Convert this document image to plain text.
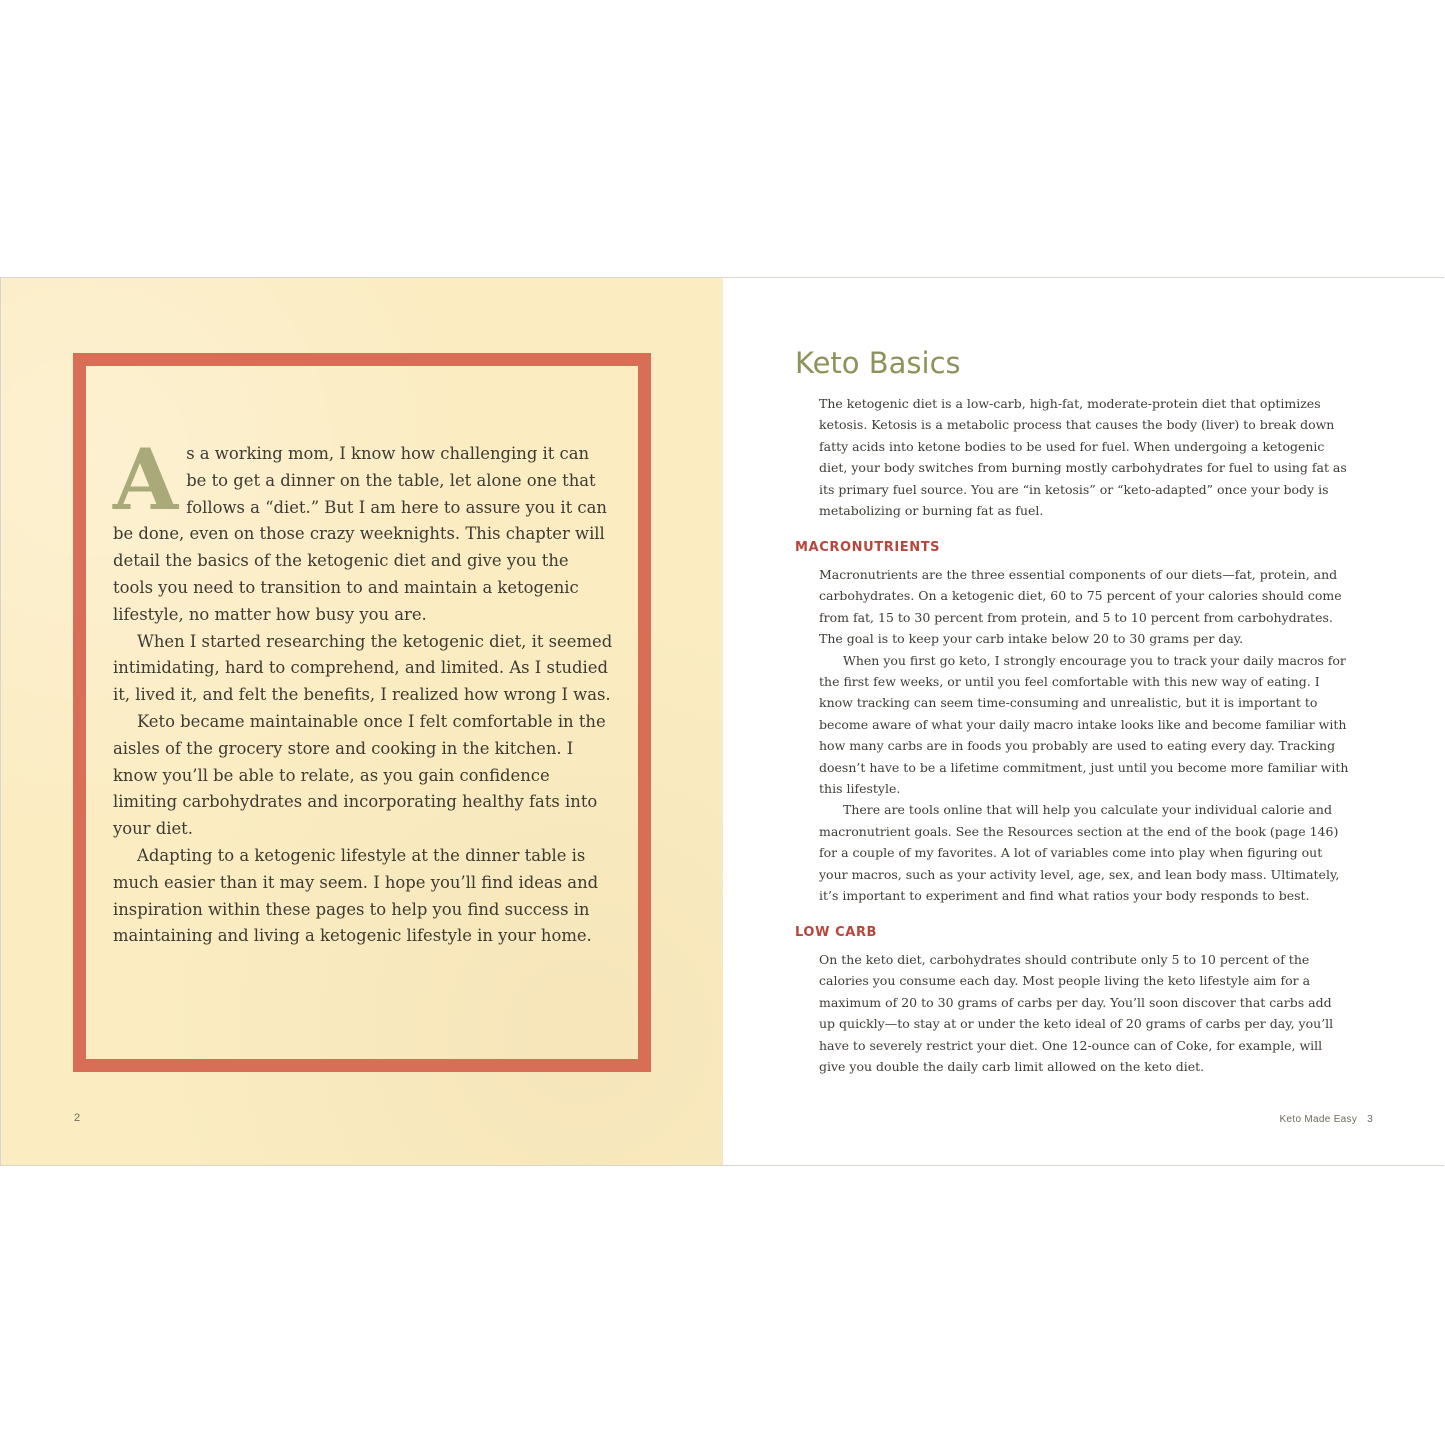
As a working mom, I know how challenging it can be to get a dinner on the table, let alone one that follows a “diet.” But I am here to assure you it can be done, even on those crazy weeknights. This chapter will detail the basics of the ketogenic diet and give you the tools you need to transition to and maintain a ketogenic lifestyle, no matter how busy you are.

When I started researching the ketogenic diet, it seemed intimidating, hard to comprehend, and limited. As I studied it, lived it, and felt the benefits, I realized how wrong I was.

Keto became maintainable once I felt comfortable in the aisles of the grocery store and cooking in the kitchen. I know you’ll be able to relate, as you gain confidence limiting carbohydrates and incorporating healthy fats into your diet.

Adapting to a ketogenic lifestyle at the dinner table is much easier than it may seem. I hope you’ll find ideas and inspiration within these pages to help you find success in maintaining and living a ketogenic lifestyle in your home.

2
Keto Basics

The ketogenic diet is a low-carb, high-fat, moderate-protein diet that optimizes ketosis. Ketosis is a metabolic process that causes the body (liver) to break down fatty acids into ketone bodies to be used for fuel. When undergoing a ketogenic diet, your body switches from burning mostly carbohydrates for fuel to using fat as its primary fuel source. You are “in ketosis” or “keto-adapted” once your body is metabolizing or burning fat as fuel.

MACRONUTRIENTS

Macronutrients are the three essential components of our diets—fat, protein, and carbohydrates. On a ketogenic diet, 60 to 75 percent of your calories should come from fat, 15 to 30 percent from protein, and 5 to 10 percent from carbohydrates. The goal is to keep your carb intake below 20 to 30 grams per day.

When you first go keto, I strongly encourage you to track your daily macros for the first few weeks, or until you feel comfortable with this new way of eating. I know tracking can seem time-consuming and unrealistic, but it is important to become aware of what your daily macro intake looks like and become familiar with how many carbs are in foods you probably are used to eating every day. Tracking doesn’t have to be a lifetime commitment, just until you become more familiar with this lifestyle.

There are tools online that will help you calculate your individual calorie and macronutrient goals. See the Resources section at the end of the book (page 146) for a couple of my favorites. A lot of variables come into play when figuring out your macros, such as your activity level, age, sex, and lean body mass. Ultimately, it’s important to experiment and find what ratios your body responds to best.

LOW CARB

On the keto diet, carbohydrates should contribute only 5 to 10 percent of the calories you consume each day. Most people living the keto lifestyle aim for a maximum of 20 to 30 grams of carbs per day. You’ll soon discover that carbs add up quickly—to stay at or under the keto ideal of 20 grams of carbs per day, you’ll have to severely restrict your diet. One 12-ounce can of Coke, for example, will give you double the daily carb limit allowed on the keto diet.

Keto Made Easy 3
